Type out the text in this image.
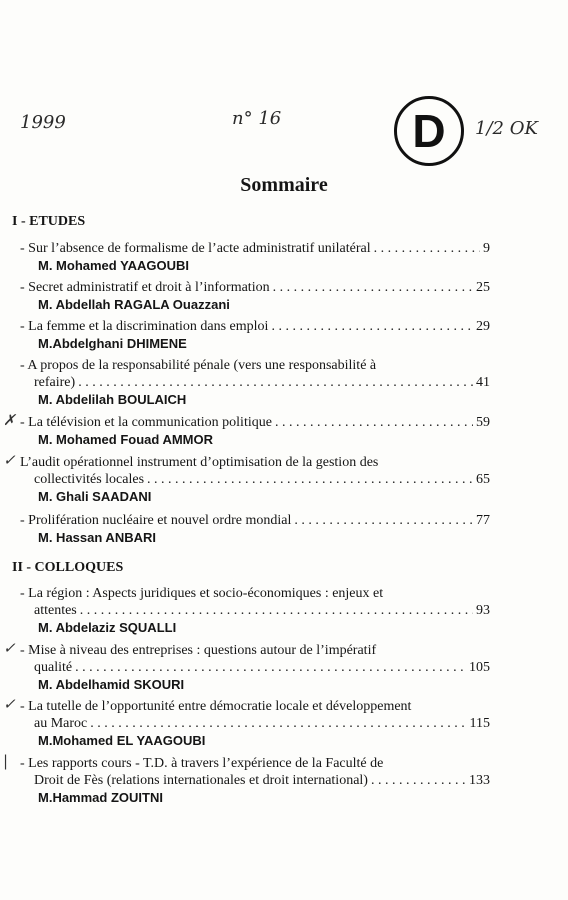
1999	n° 16	D	1/2 OK
Sommaire
I - ETUDES
- Sur l’absence de formalisme de l’acte administratif unilatéral . . .	9
M. Mohamed YAAGOUBI
- Secret administratif et droit à l’information . . .	25
M. Abdellah RAGALA Ouazzani
- La femme et la discrimination dans emploi . . .	29
M.Abdelghani DHIMENE
- A propos de la responsabilité pénale (vers une responsabilité à
refaire) . . .	41
M. Abdelilah BOULAICH
✗ - La télévision et la communication politique . . .	59
M. Mohamed Fouad AMMOR
✓ L’audit opérationnel instrument d’optimisation de la gestion des
collectivités locales . . .	65
M. Ghali SAADANI
- Prolifération nucléaire et nouvel ordre mondial . . .	77
M. Hassan ANBARI
II - COLLOQUES
- La région : Aspects juridiques et socio-économiques : enjeux et
attentes . . .	93
M. Abdelaziz SQUALLI
✓ - Mise à niveau des entreprises : questions autour de l’impératif
qualité . . .	105
M. Abdelhamid SKOURI
✓ - La tutelle de l’opportunité entre démocratie locale et développement
au Maroc . . .	115
M.Mohamed EL YAAGOUBI
| - Les rapports cours - T.D. à travers l’expérience de la Faculté de
Droit de Fès (relations internationales et droit international) . . .	133
M.Hammad ZOUITNI
